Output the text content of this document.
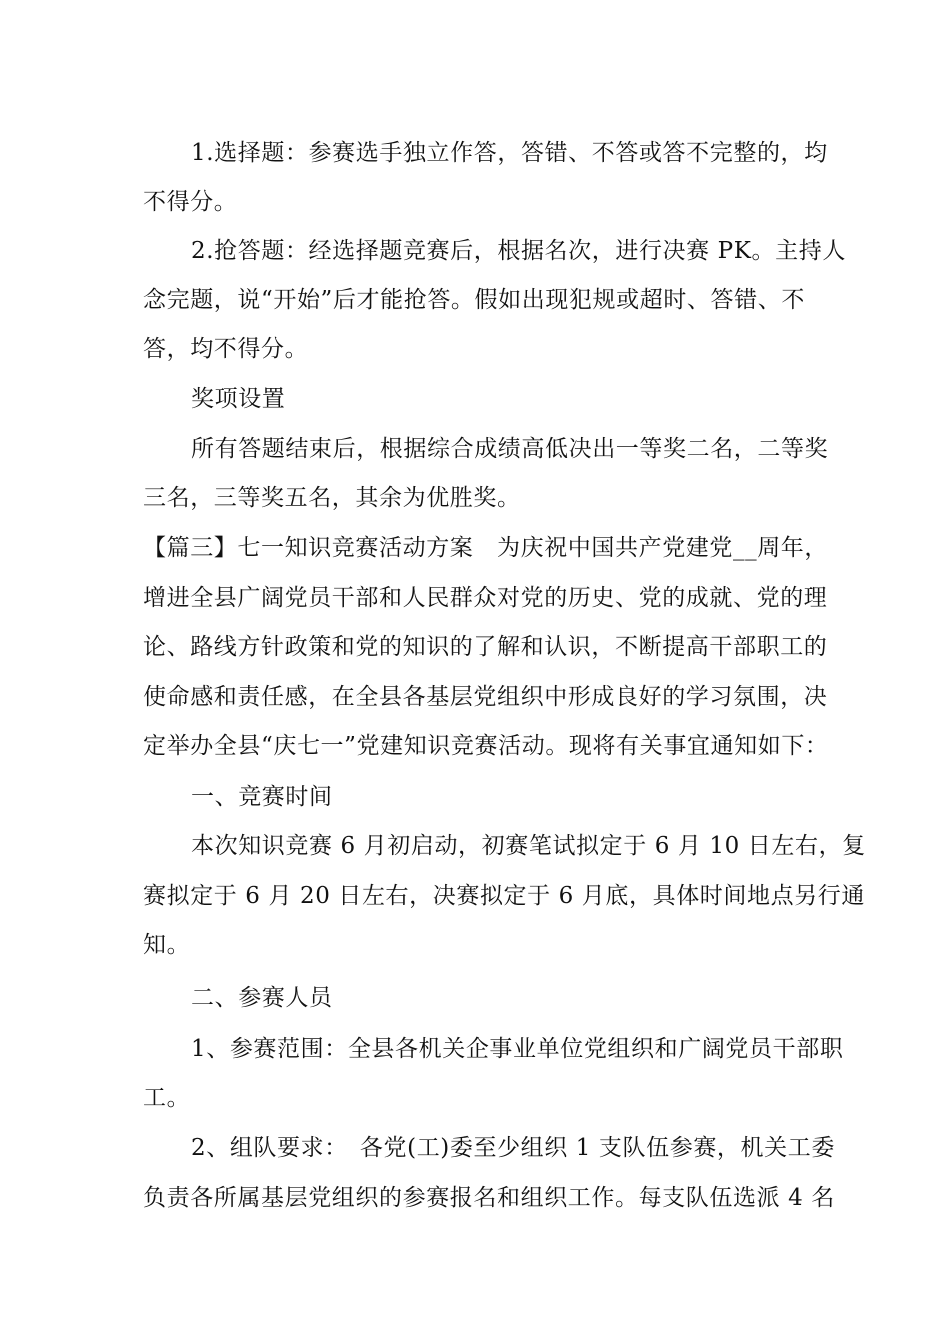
1.选择题：参赛选手独立作答，答错、不答或答不完整的，均
不得分。
2.抢答题：经选择题竞赛后，根据名次，进行决赛 PK。主持人
念完题，说“开始”后才能抢答。假如出现犯规或超时、答错、不
答，均不得分。
奖项设置
所有答题结束后，根据综合成绩高低决出一等奖二名，二等奖
三名，三等奖五名，其余为优胜奖。
【篇三】七一知识竞赛活动方案　为庆祝中国共产党建党__周年，
增进全县广阔党员干部和人民群众对党的历史、党的成就、党的理
论、路线方针政策和党的知识的了解和认识，不断提高干部职工的
使命感和责任感，在全县各基层党组织中形成良好的学习氛围，决
定举办全县“庆七一”党建知识竞赛活动。现将有关事宜通知如下：
一、竞赛时间
本次知识竞赛 6 月初启动，初赛笔试拟定于 6 月 10 日左右，复
赛拟定于 6 月 20 日左右，决赛拟定于 6 月底，具体时间地点另行通
知。
二、参赛人员
1、参赛范围：全县各机关企事业单位党组织和广阔党员干部职
工。
2、组队要求：　各党(工)委至少组织 1 支队伍参赛，机关工委
负责各所属基层党组织的参赛报名和组织工作。每支队伍选派 4 名
